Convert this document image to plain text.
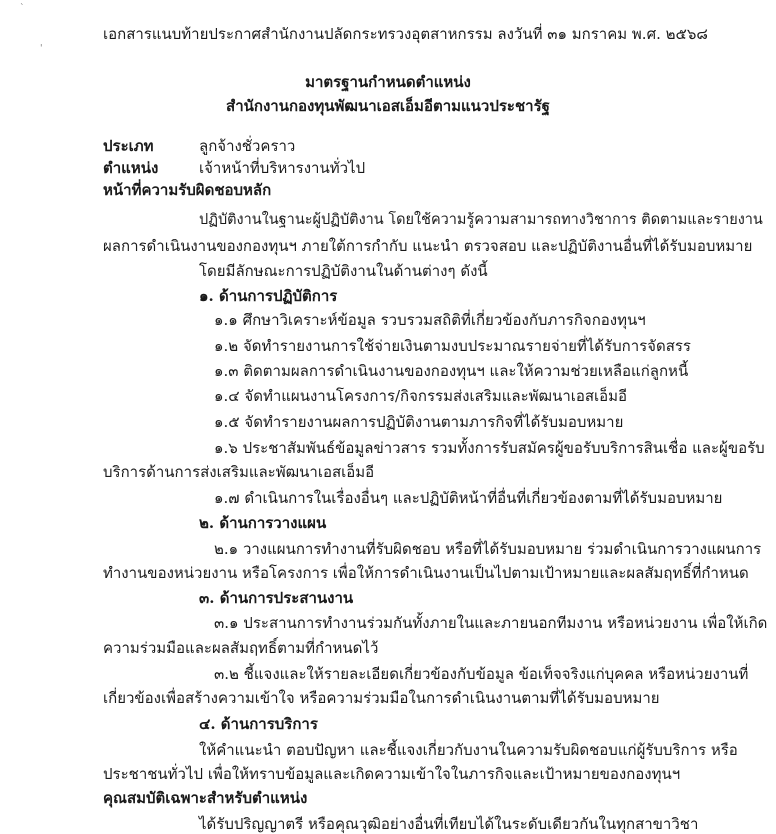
`
'
เอกสารแนบท้ายประกาศสำนักงานปลัดกระทรวงอุตสาหกรรม ลงวันที่ ๓๑ มกราคม พ.ศ. ๒๕๖๘
มาตรฐานกำหนดตำแหน่ง
สำนักงานกองทุนพัฒนาเอสเอ็มอีตามแนวประชารัฐ
ประเภท	ลูกจ้างชั่วคราว
ตำแหน่ง	เจ้าหน้าที่บริหารงานทั่วไป
หน้าที่ความรับผิดชอบหลัก
ปฏิบัติงานในฐานะผู้ปฏิบัติงาน โดยใช้ความรู้ความสามารถทางวิชาการ ติดตามและรายงาน
ผลการดำเนินงานของกองทุนฯ ภายใต้การกำกับ แนะนำ ตรวจสอบ และปฏิบัติงานอื่นที่ได้รับมอบหมาย
โดยมีลักษณะการปฏิบัติงานในด้านต่างๆ ดังนี้
๑. ด้านการปฏิบัติการ
๑.๑ ศึกษาวิเคราะห์ข้อมูล รวบรวมสถิติที่เกี่ยวข้องกับภารกิจกองทุนฯ
๑.๒ จัดทำรายงานการใช้จ่ายเงินตามงบประมาณรายจ่ายที่ได้รับการจัดสรร
๑.๓ ติดตามผลการดำเนินงานของกองทุนฯ และให้ความช่วยเหลือแก่ลูกหนี้
๑.๔ จัดทำแผนงานโครงการ/กิจกรรมส่งเสริมและพัฒนาเอสเอ็มอี
๑.๕ จัดทำรายงานผลการปฏิบัติงานตามภารกิจที่ได้รับมอบหมาย
๑.๖ ประชาสัมพันธ์ข้อมูลข่าวสาร รวมทั้งการรับสมัครผู้ขอรับบริการสินเชื่อ และผู้ขอรับ
บริการด้านการส่งเสริมและพัฒนาเอสเอ็มอี
๑.๗ ดำเนินการในเรื่องอื่นๆ และปฏิบัติหน้าที่อื่นที่เกี่ยวข้องตามที่ได้รับมอบหมาย
๒. ด้านการวางแผน
๒.๑ วางแผนการทำงานที่รับผิดชอบ หรือที่ได้รับมอบหมาย ร่วมดำเนินการวางแผนการ
ทำงานของหน่วยงาน หรือโครงการ เพื่อให้การดำเนินงานเป็นไปตามเป้าหมายและผลสัมฤทธิ์ที่กำหนด
๓. ด้านการประสานงาน
๓.๑ ประสานการทำงานร่วมกันทั้งภายในและภายนอกทีมงาน หรือหน่วยงาน เพื่อให้เกิด
ความร่วมมือและผลสัมฤทธิ์ตามที่กำหนดไว้
๓.๒ ชี้แจงและให้รายละเอียดเกี่ยวข้องกับข้อมูล ข้อเท็จจริงแก่บุคคล หรือหน่วยงานที่
เกี่ยวข้องเพื่อสร้างความเข้าใจ หรือความร่วมมือในการดำเนินงานตามที่ได้รับมอบหมาย
๔. ด้านการบริการ
ให้คำแนะนำ ตอบปัญหา และชี้แจงเกี่ยวกับงานในความรับผิดชอบแก่ผู้รับบริการ หรือ
ประชาชนทั่วไป เพื่อให้ทราบข้อมูลและเกิดความเข้าใจในภารกิจและเป้าหมายของกองทุนฯ
คุณสมบัติเฉพาะสำหรับตำแหน่ง
ได้รับปริญญาตรี หรือคุณวุฒิอย่างอื่นที่เทียบได้ในระดับเดียวกันในทุกสาขาวิชา
